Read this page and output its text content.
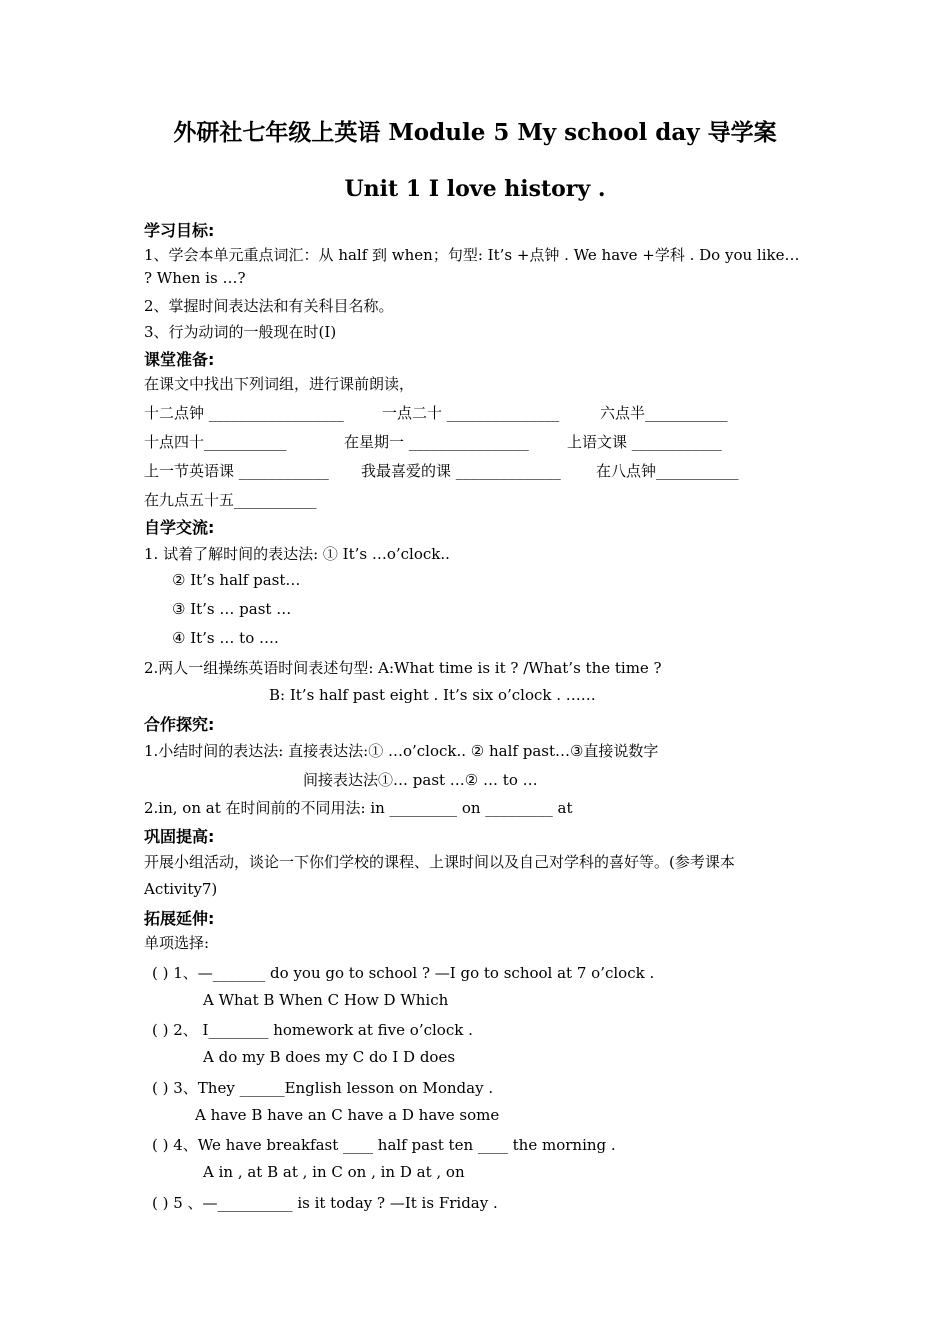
外研社七年级上英语 Module 5 My school day 导学案
Unit 1 I love history .
学习目标:
1、学会本单元重点词汇：从 half 到 when；句型: It’s +点钟 . We have +学科 . Do you like…
? When is …?
2、掌握时间表达法和有关科目名称。
3、行为动词的一般现在时(I)
课堂准备:
在课文中找出下列词组，进行课前朗读，
十二点钟 __________________	一点二十 _______________	六点半___________
十点四十___________	在星期一 ________________	上语文课 ____________
上一节英语课 ____________ 我最喜爱的课 ______________ 在八点钟___________
在九点五十五___________
自学交流:
1. 试着了解时间的表达法: ① It’s …o’clock..
② It’s half past…
③ It’s … past …
④ It’s … to ….
2.两人一组操练英语时间表述句型: A:What time is it ? /What’s the time ?
B: It’s half past eight . It’s six o’clock . ……
合作探究:
1.小结时间的表达法: 直接表达法:① …o’clock.. ② half past…③直接说数字
间接表达法①… past …② … to …
2.in, on at 在时间前的不同用法: in _________ on _________ at
巩固提高:
开展小组活动，谈论一下你们学校的课程、上课时间以及自己对学科的喜好等。(参考课本
Activity7)
拓展延伸:
单项选择:
( ) 1、—_______ do you go to school ? —I go to school at 7 o’clock .
A What B When C How D Which
( ) 2、 I________ homework at five o’clock .
A do my B does my C do I D does
( ) 3、They ______English lesson on Monday .
A have B have an C have a D have some
( ) 4、We have breakfast ____ half past ten ____ the morning .
A in , at B at , in C on , in D at , on
( ) 5 、—__________ is it today ? —It is Friday .
